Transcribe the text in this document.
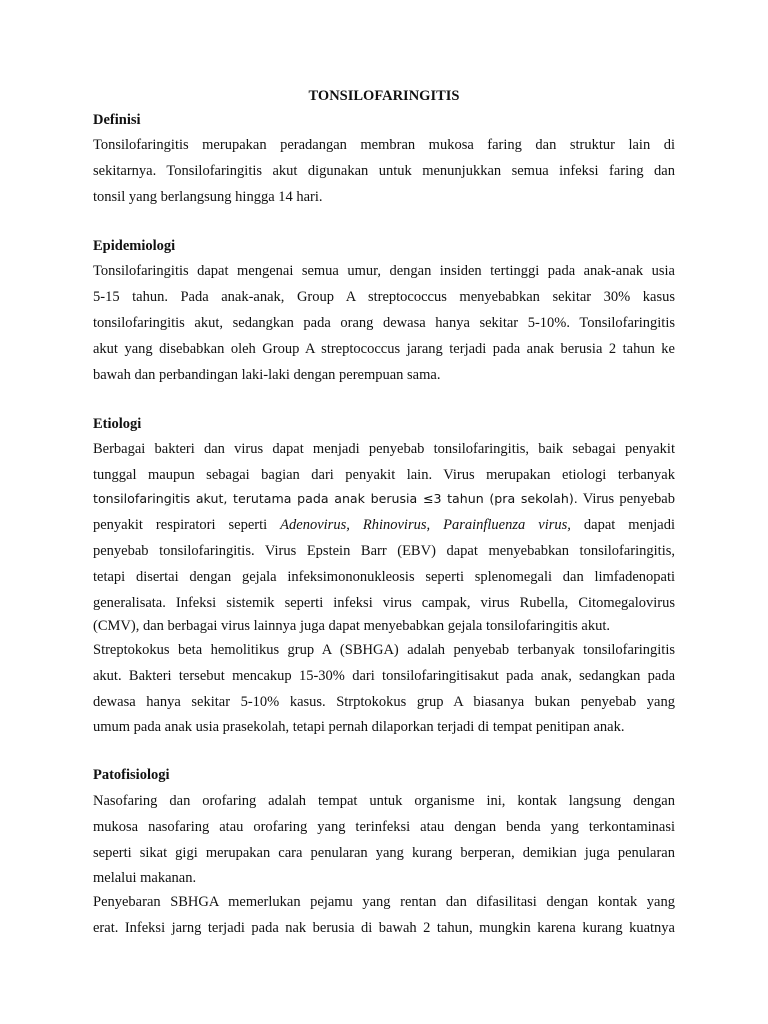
TONSILOFARINGITIS
Definisi
Tonsilofaringitis merupakan peradangan membran mukosa faring dan struktur lain di
sekitarnya. Tonsilofaringitis akut digunakan untuk menunjukkan semua infeksi faring dan
tonsil yang berlangsung hingga 14 hari.
Epidemiologi
Tonsilofaringitis dapat mengenai semua umur, dengan insiden tertinggi pada anak-anak usia
5-15 tahun. Pada anak-anak, Group A streptococcus menyebabkan sekitar 30% kasus
tonsilofaringitis akut, sedangkan pada orang dewasa hanya sekitar 5-10%. Tonsilofaringitis
akut yang disebabkan oleh Group A streptococcus jarang terjadi pada anak berusia 2 tahun ke
bawah dan perbandingan laki-laki dengan perempuan sama.
Etiologi
Berbagai bakteri dan virus dapat menjadi penyebab tonsilofaringitis, baik sebagai penyakit
tunggal maupun sebagai bagian dari penyakit lain. Virus merupakan etiologi terbanyak
tonsilofaringitis akut, terutama pada anak berusia ≤3 tahun (pra sekolah). Virus penyebab
penyakit respiratori seperti Adenovirus, Rhinovirus, Parainfluenza virus, dapat menjadi
penyebab tonsilofaringitis. Virus Epstein Barr (EBV) dapat menyebabkan tonsilofaringitis,
tetapi disertai dengan gejala infeksimononukleosis seperti splenomegali dan limfadenopati
generalisata. Infeksi sistemik seperti infeksi virus campak, virus Rubella, Citomegalovirus
(CMV), dan berbagai virus lainnya juga dapat menyebabkan gejala tonsilofaringitis akut.
Streptokokus beta hemolitikus grup A (SBHGA) adalah penyebab terbanyak tonsilofaringitis
akut. Bakteri tersebut mencakup 15-30% dari tonsilofaringitisakut pada anak, sedangkan pada
dewasa hanya sekitar 5-10% kasus. Strptokokus grup A biasanya bukan penyebab yang
umum pada anak usia prasekolah, tetapi pernah dilaporkan terjadi di tempat penitipan anak.
Patofisiologi
Nasofaring dan orofaring adalah tempat untuk organisme ini, kontak langsung dengan
mukosa nasofaring atau orofaring yang terinfeksi atau dengan benda yang terkontaminasi
seperti sikat gigi merupakan cara penularan yang kurang berperan, demikian juga penularan
melalui makanan.
Penyebaran SBHGA memerlukan pejamu yang rentan dan difasilitasi dengan kontak yang
erat. Infeksi jarng terjadi pada nak berusia di bawah 2 tahun, mungkin karena kurang kuatnya
